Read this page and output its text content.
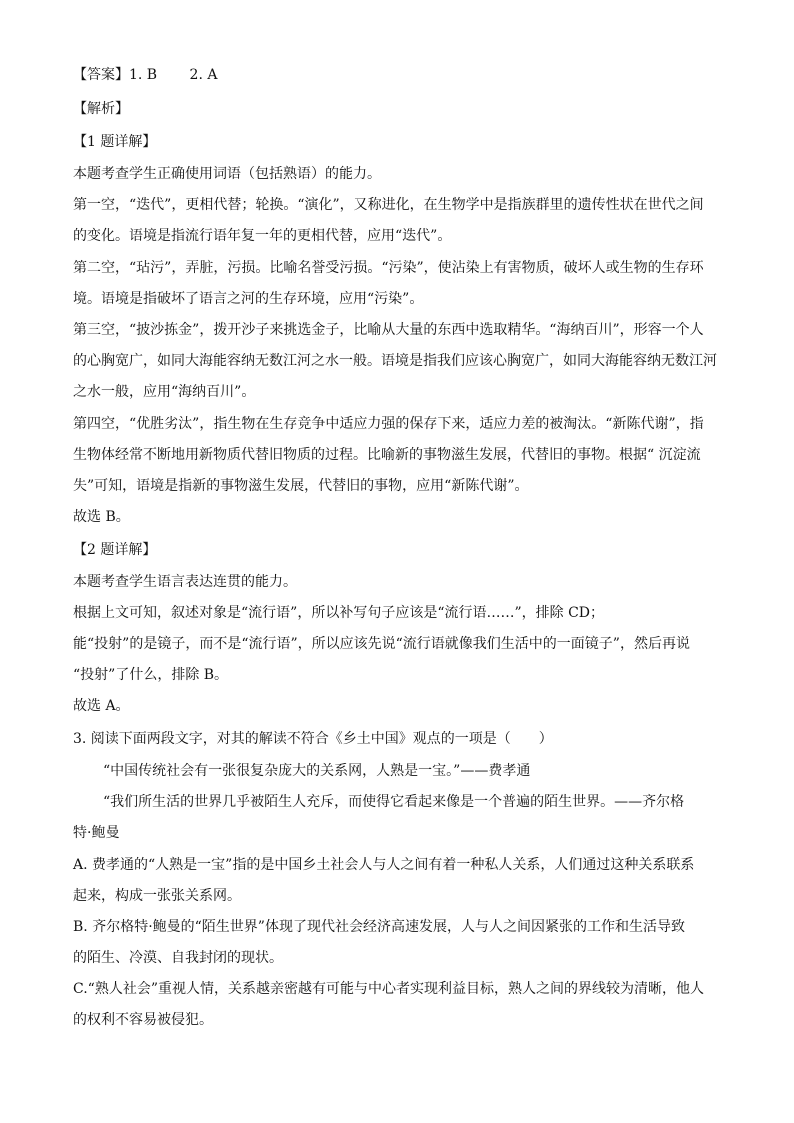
【答案】1. B　　 2. A
【解析】
【1 题详解】
本题考查学生正确使用词语（包括熟语）的能力。
第一空，“迭代”，更相代替；轮换。“演化”，又称进化，在生物学中是指族群里的遗传性状在世代之间
的变化。语境是指流行语年复一年的更相代替，应用“迭代”。
第二空，“玷污”，弄脏，污损。比喻名誉受污损。“污染”，使沾染上有害物质，破坏人或生物的生存环
境。语境是指破坏了语言之河的生存环境，应用“污染”。
第三空，“披沙拣金”，拨开沙子来挑选金子，比喻从大量的东西中选取精华。“海纳百川”，形容一个人
的心胸宽广，如同大海能容纳无数江河之水一般。语境是指我们应该心胸宽广，如同大海能容纳无数江河
之水一般，应用“海纳百川”。
第四空，“优胜劣汰”，指生物在生存竞争中适应力强的保存下来，适应力差的被淘汰。“新陈代谢”，指
生物体经常不断地用新物质代替旧物质的过程。比喻新的事物滋生发展，代替旧的事物。根据“ 沉淀流
失”可知，语境是指新的事物滋生发展，代替旧的事物，应用“新陈代谢”。
故选 B。
【2 题详解】
本题考查学生语言表达连贯的能力。
根据上文可知，叙述对象是“流行语”，所以补写句子应该是“流行语……”，排除 CD；
能“投射”的是镜子，而不是“流行语”，所以应该先说“流行语就像我们生活中的一面镜子”，然后再说
“投射”了什么，排除 B。
故选 A。
3. 阅读下面两段文字，对其的解读不符合《乡土中国》观点的一项是（　　）
“中国传统社会有一张很复杂庞大的关系网，人熟是一宝。”——费孝通
“我们所生活的世界几乎被陌生人充斥，而使得它看起来像是一个普遍的陌生世界。——齐尔格
特·鲍曼
A. 费孝通的“人熟是一宝”指的是中国乡土社会人与人之间有着一种私人关系，人们通过这种关系联系
起来，构成一张张关系网。
B. 齐尔格特·鲍曼的“陌生世界”体现了现代社会经济高速发展，人与人之间因紧张的工作和生活导致
的陌生、冷漠、自我封闭的现状。
C.“熟人社会”重视人情，关系越亲密越有可能与中心者实现利益目标，熟人之间的界线较为清晰，他人
的权利不容易被侵犯。
